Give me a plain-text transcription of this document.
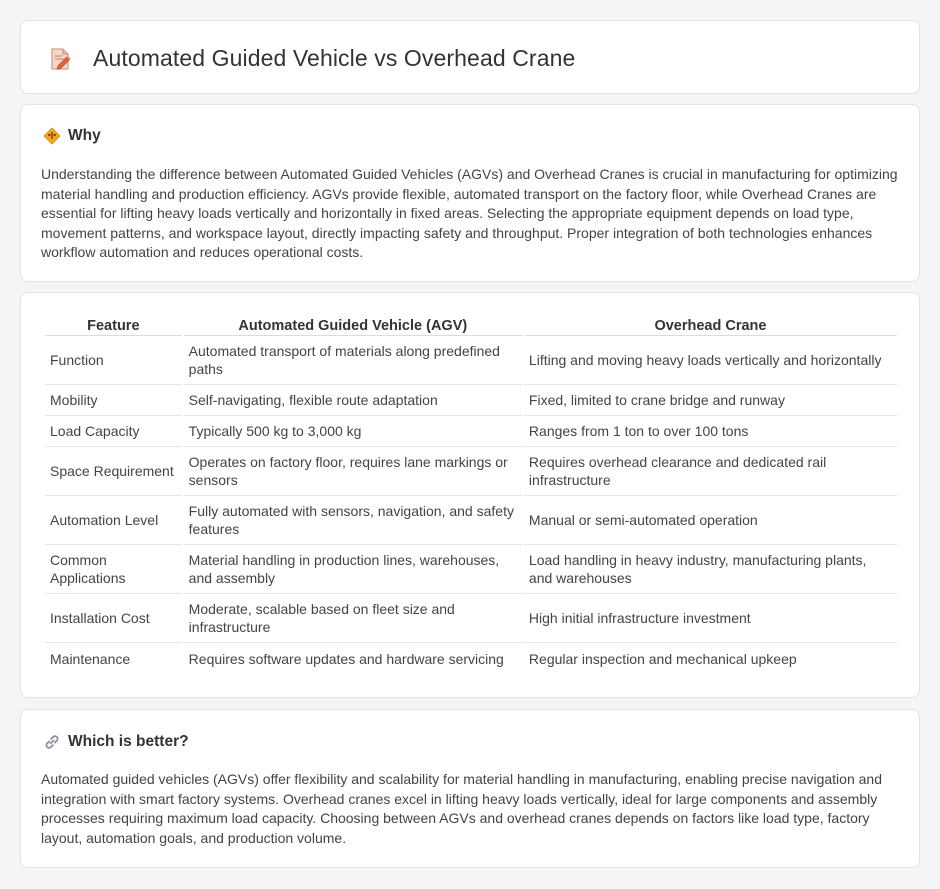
Automated Guided Vehicle vs Overhead Crane
Why

Understanding the difference between Automated Guided Vehicles (AGVs) and Overhead Cranes is crucial in manufacturing for optimizing material handling and production efficiency. AGVs provide flexible, automated transport on the factory floor, while Overhead Cranes are essential for lifting heavy loads vertically and horizontally in fixed areas. Selecting the appropriate equipment depends on load type, movement patterns, and workspace layout, directly impacting safety and throughput. Proper integration of both technologies enhances workflow automation and reduces operational costs.

Feature	Automated Guided Vehicle (AGV)	Overhead Crane
Function	Automated transport of materials along predefined paths	Lifting and moving heavy loads vertically and horizontally
Mobility	Self-navigating, flexible route adaptation	Fixed, limited to crane bridge and runway
Load Capacity	Typically 500 kg to 3,000 kg	Ranges from 1 ton to over 100 tons
Space Requirement	Operates on factory floor, requires lane markings or sensors	Requires overhead clearance and dedicated rail infrastructure
Automation Level	Fully automated with sensors, navigation, and safety features	Manual or semi-automated operation
Common Applications	Material handling in production lines, warehouses, and assembly	Load handling in heavy industry, manufacturing plants, and warehouses
Installation Cost	Moderate, scalable based on fleet size and infrastructure	High initial infrastructure investment
Maintenance	Requires software updates and hardware servicing	Regular inspection and mechanical upkeep
Which is better?

Automated guided vehicles (AGVs) offer flexibility and scalability for material handling in manufacturing, enabling precise navigation and integration with smart factory systems. Overhead cranes excel in lifting heavy loads vertically, ideal for large components and assembly processes requiring maximum load capacity. Choosing between AGVs and overhead cranes depends on factors like load type, factory layout, automation goals, and production volume.
